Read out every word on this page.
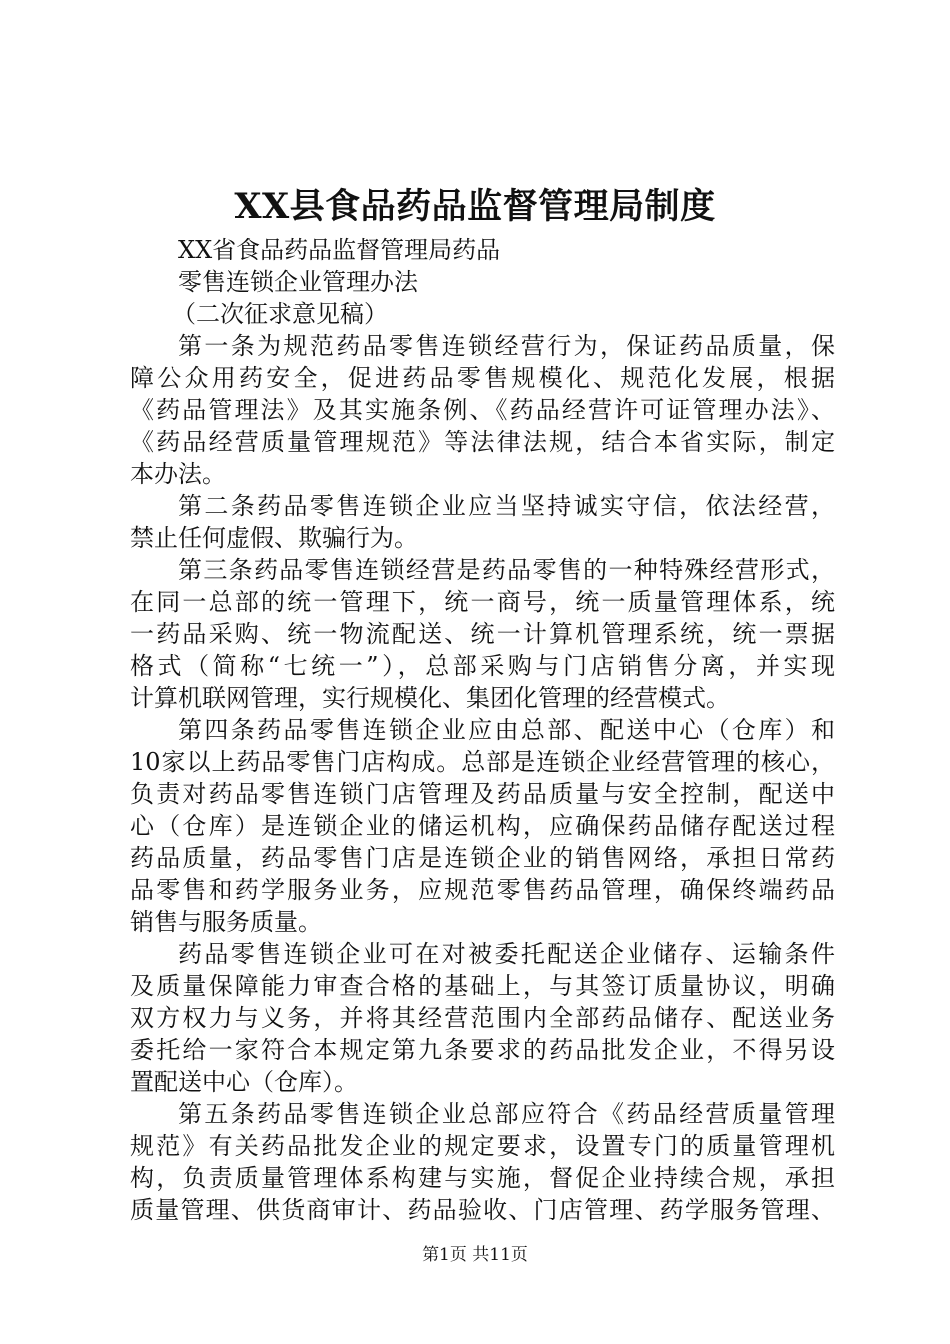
XX县食品药品监督管理局制度
XX省食品药品监督管理局药品
零售连锁企业管理办法
（二次征求意见稿）
第一条为规范药品零售连锁经营行为，保证药品质量，保
障公众用药安全，促进药品零售规模化、规范化发展，根据
《药品管理法》及其实施条例、《药品经营许可证管理办法》、
《药品经营质量管理规范》等法律法规，结合本省实际，制定
本办法。
第二条药品零售连锁企业应当坚持诚实守信，依法经营，
禁止任何虚假、欺骗行为。
第三条药品零售连锁经营是药品零售的一种特殊经营形式，
在同一总部的统一管理下，统一商号，统一质量管理体系，统
一药品采购、统一物流配送、统一计算机管理系统，统一票据
格式（简称“七统一”），总部采购与门店销售分离，并实现
计算机联网管理，实行规模化、集团化管理的经营模式。
第四条药品零售连锁企业应由总部、配送中心（仓库）和
10家以上药品零售门店构成。总部是连锁企业经营管理的核心，
负责对药品零售连锁门店管理及药品质量与安全控制，配送中
心（仓库）是连锁企业的储运机构，应确保药品储存配送过程
药品质量，药品零售门店是连锁企业的销售网络，承担日常药
品零售和药学服务业务，应规范零售药品管理，确保终端药品
销售与服务质量。
药品零售连锁企业可在对被委托配送企业储存、运输条件
及质量保障能力审查合格的基础上，与其签订质量协议，明确
双方权力与义务，并将其经营范围内全部药品储存、配送业务
委托给一家符合本规定第九条要求的药品批发企业，不得另设
置配送中心（仓库）。
第五条药品零售连锁企业总部应符合《药品经营质量管理
规范》有关药品批发企业的规定要求，设置专门的质量管理机
构，负责质量管理体系构建与实施，督促企业持续合规，承担
质量管理、供货商审计、药品验收、门店管理、药学服务管理、
第1页 共11页
